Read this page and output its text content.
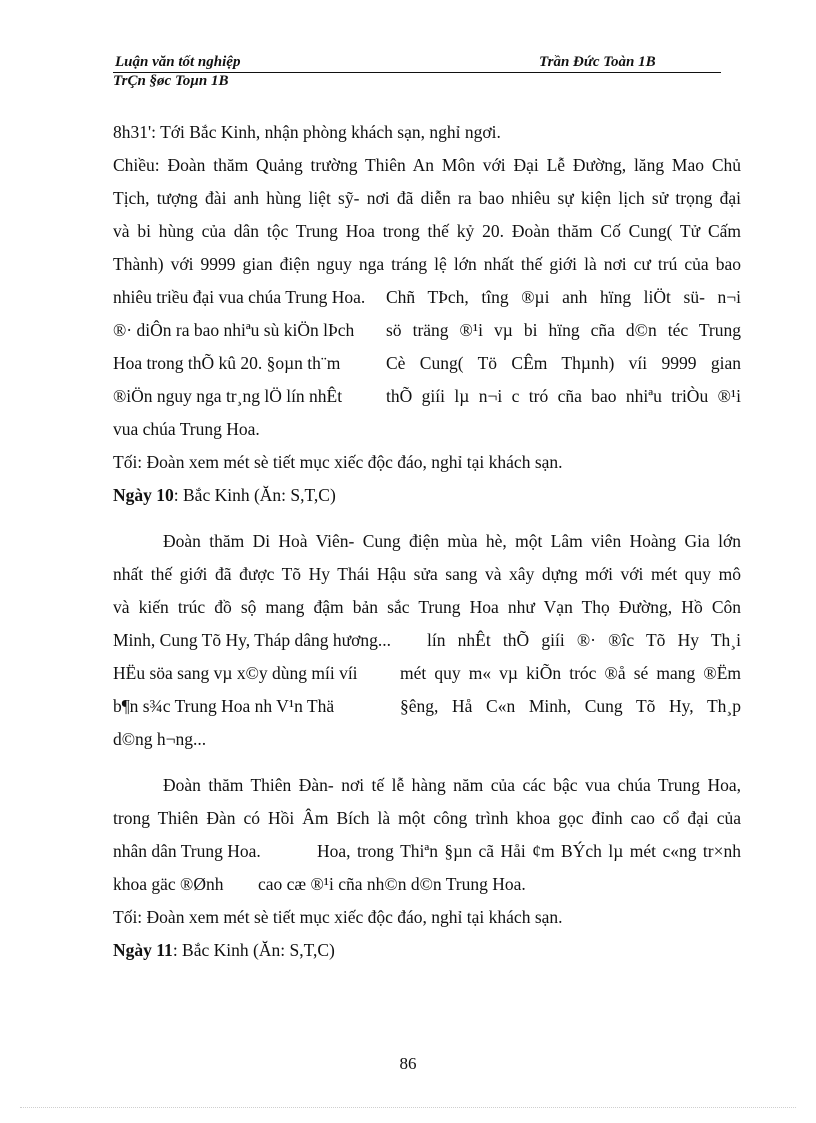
Luận văn tốt nghiệp	Trần Đức Toàn 1B
TrÇn §øc Toµn 1B
8h31': Tới Bắc Kinh, nhận phòng khách sạn, nghỉ ngơi.
Chiều: Đoàn thăm Quảng trường Thiên An Môn với Đại Lễ Đường, lăng Mao Chủ
Tịch, tượng đài anh hùng liệt sỹ- nơi đã diễn ra bao nhiêu sự kiện lịch sử trọng đại
và bi hùng của dân tộc Trung Hoa trong thế kỷ 20. Đoàn thăm Cố Cung( Tử Cấm
Thành) với 9999 gian điện nguy nga tráng lệ lớn nhất thế giới là nơi cư trú của bao
nhiêu triều đại vua chúa Trung Hoa. Chñ TÞch, tîng ®µi anh hïng liÖt sü- n¬i
®· diÔn ra bao nhiªu sù kiÖn lÞch sö träng ®¹i vµ bi hïng cña d©n téc Trung
Hoa trong thÕ kû 20. §oµn th¨m	Cè Cung( Tö CÊm Thµnh) víi 9999 gian
®iÖn nguy nga tr¸ng lÖ lín nhÊt	thÕ giíi lµ n¬i c tró cña bao nhiªu triÒu ®¹i
vua chúa Trung Hoa.
Tối: Đoàn xem mét sè tiết mục xiếc độc đáo, nghỉ tại khách sạn.
Ngày 10: Bắc Kinh (Ăn: S,T,C)
Đoàn thăm Di Hoà Viên- Cung điện mùa hè, một Lâm viên Hoàng Gia lớn
nhất thế giới đã được Tõ Hy Thái Hậu sửa sang và xây dựng mới với mét quy mô
và kiến trúc đồ sộ mang đậm bản sắc Trung Hoa như Vạn Thọ Đường, Hồ Côn
Minh, Cung Tõ Hy, Tháp dâng hương... lín nhÊt thÕ giíi ®· ®îc Tõ Hy Th¸i
HËu söa sang vµ x©y dùng míi víi mét quy m« vµ kiÕn tróc ®å sé mang ®Ëm
b¶n s¾c Trung Hoa nh V¹n Thä	§êng, Hå C«n Minh, Cung Tõ Hy, Th¸p
d©ng h¬ng...
Đoàn thăm Thiên Đàn- nơi tế lễ hàng năm của các bậc vua chúa Trung Hoa,
trong Thiên Đàn có Hồi Âm Bích là một công trình khoa gọc đỉnh cao cổ đại của
nhân dân Trung Hoa.	Hoa, trong Thiªn §µn cã Håi ¢m BÝch lµ mét c«ng tr×nh
khoa gäc ®Ønh cao cæ ®¹i cña nh©n d©n Trung Hoa.
Tối: Đoàn xem mét sè tiết mục xiếc độc đáo, nghỉ tại khách sạn.
Ngày 11: Bắc Kinh (Ăn: S,T,C)
86
